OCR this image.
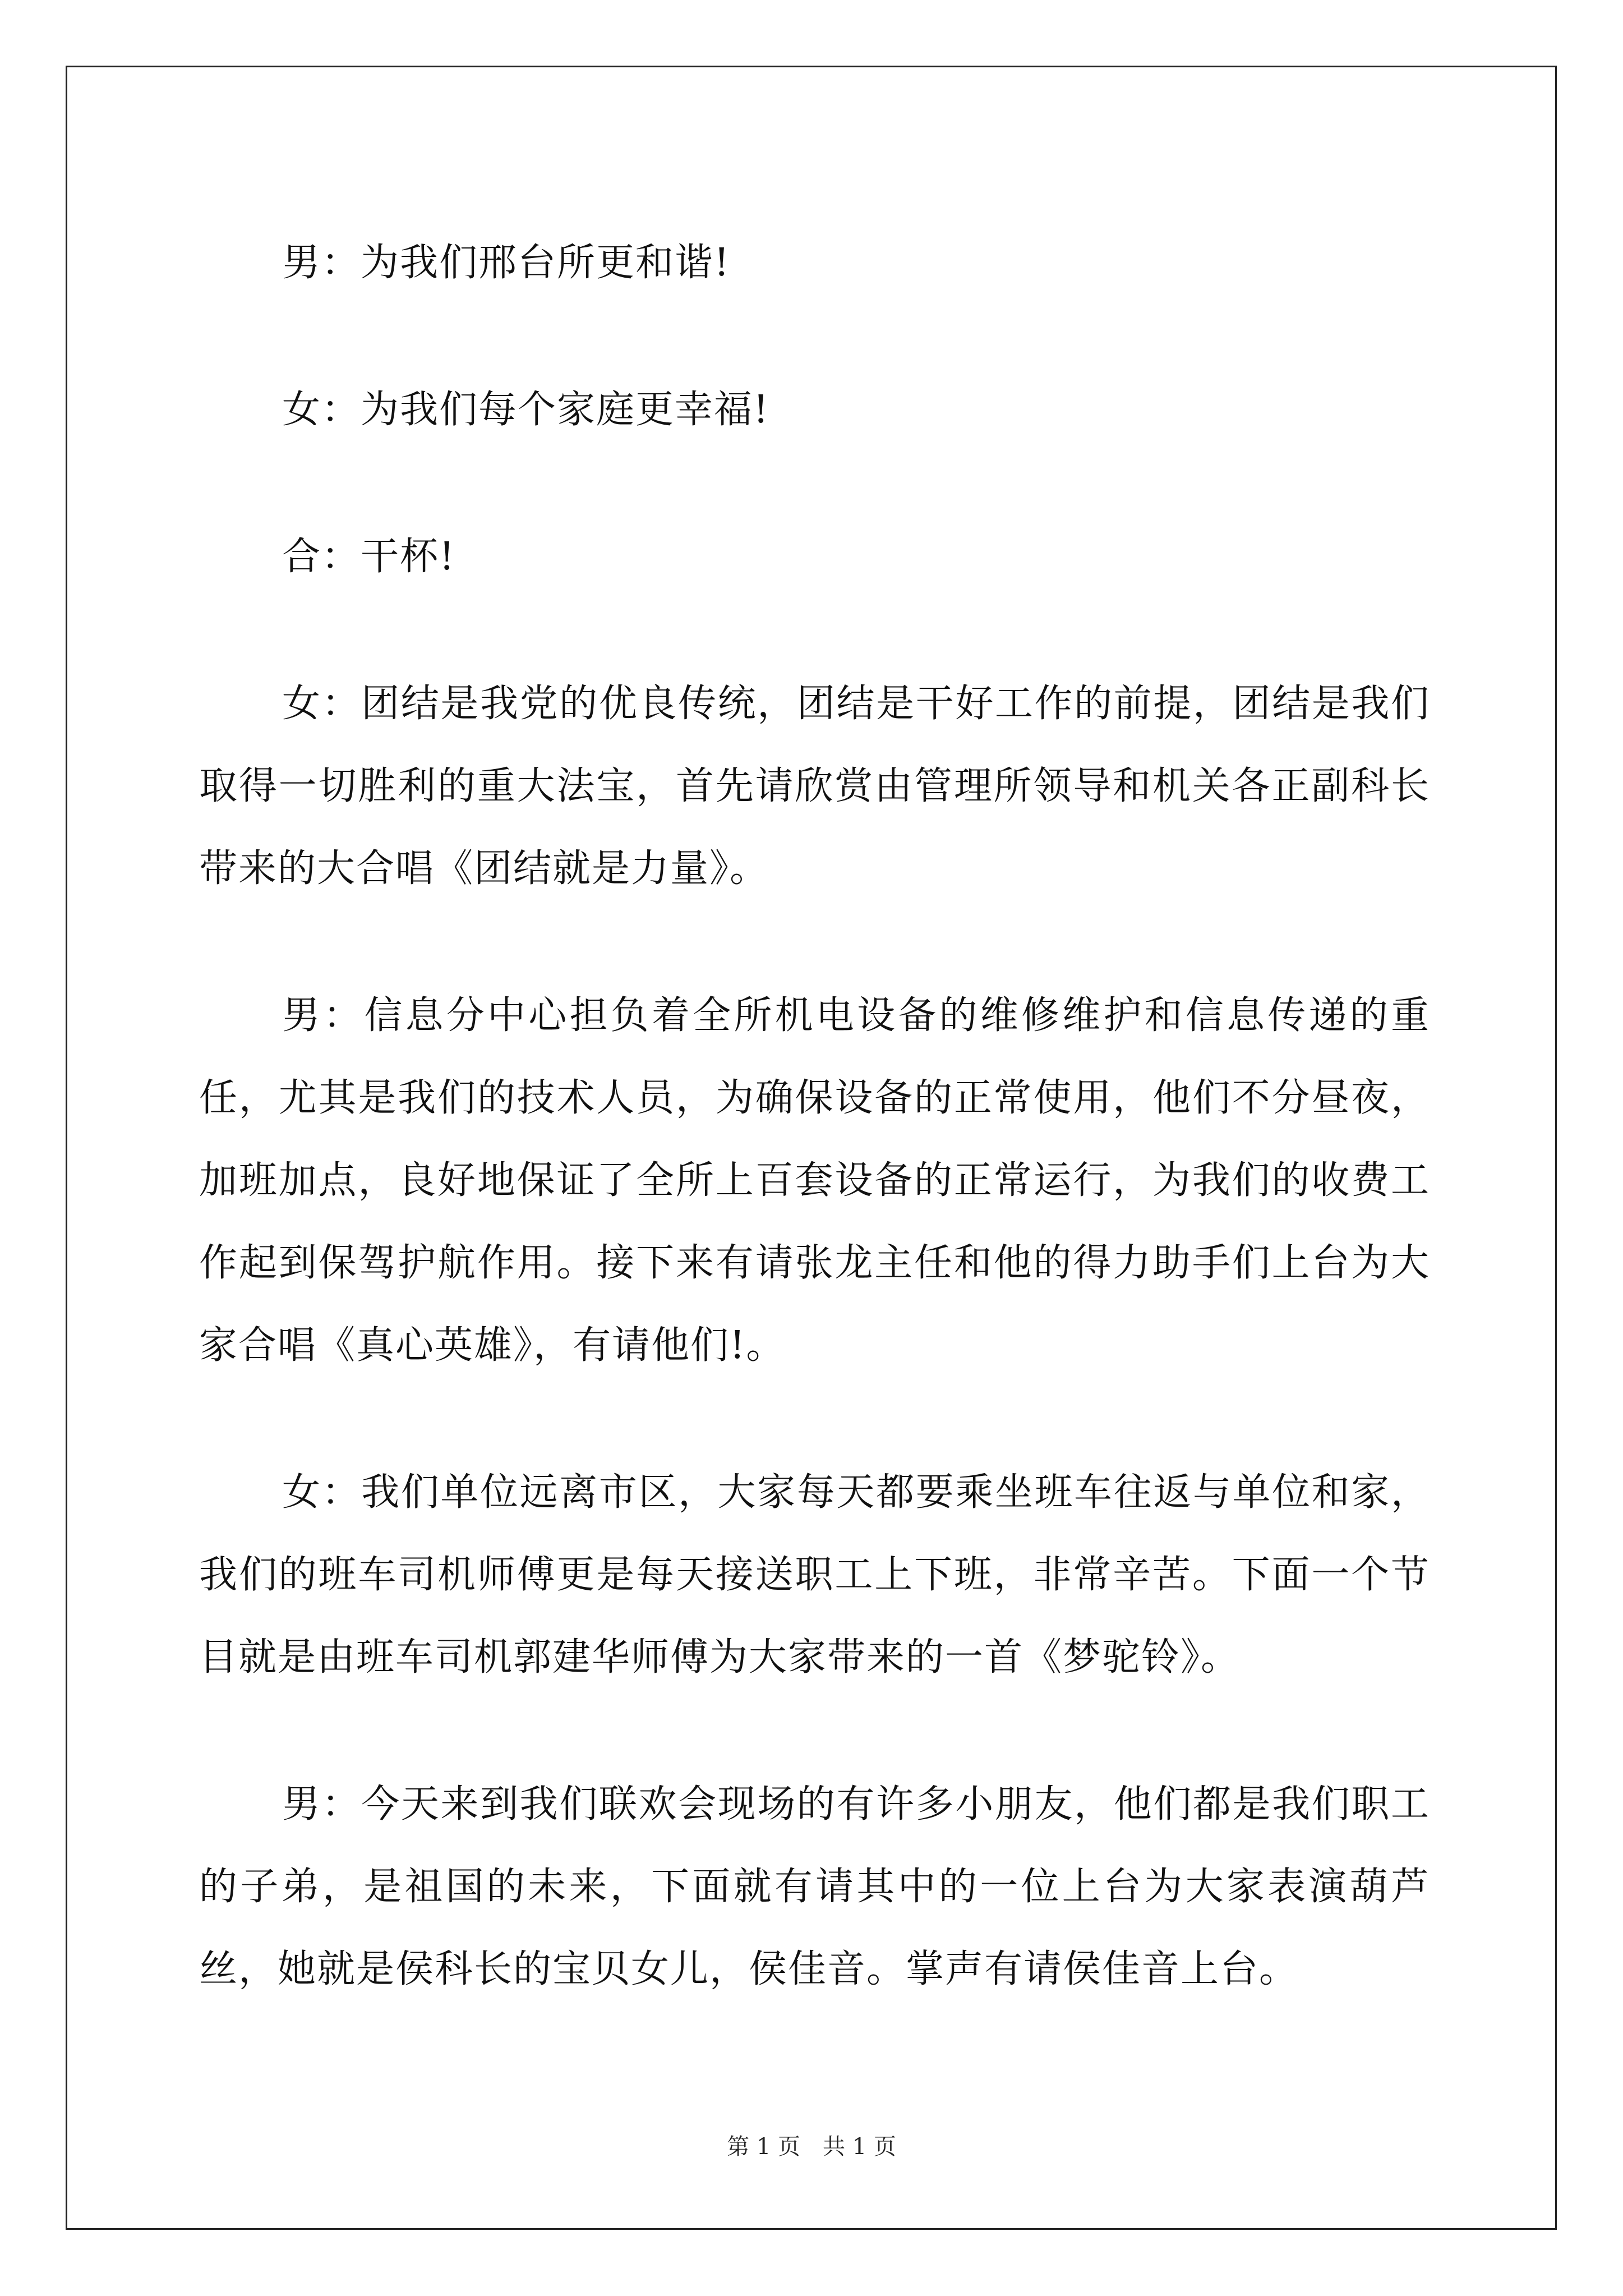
男：为我们邢台所更和谐!

女：为我们每个家庭更幸福!

合：干杯!

女：团结是我党的优良传统，团结是干好工作的前提，团结是我们取得一切胜利的重大法宝，首先请欣赏由管理所领导和机关各正副科长带来的大合唱《团结就是力量》。

男：信息分中心担负着全所机电设备的维修维护和信息传递的重任，尤其是我们的技术人员，为确保设备的正常使用，他们不分昼夜，加班加点，良好地保证了全所上百套设备的正常运行，为我们的收费工作起到保驾护航作用。接下来有请张龙主任和他的得力助手们上台为大家合唱《真心英雄》，有请他们!。

女：我们单位远离市区，大家每天都要乘坐班车往返与单位和家，我们的班车司机师傅更是每天接送职工上下班，非常辛苦。下面一个节目就是由班车司机郭建华师傅为大家带来的一首《梦驼铃》。

男：今天来到我们联欢会现场的有许多小朋友，他们都是我们职工的子弟，是祖国的未来，下面就有请其中的一位上台为大家表演葫芦丝，她就是侯科长的宝贝女儿，侯佳音。掌声有请侯佳音上台。

第 1 页　共 1 页
